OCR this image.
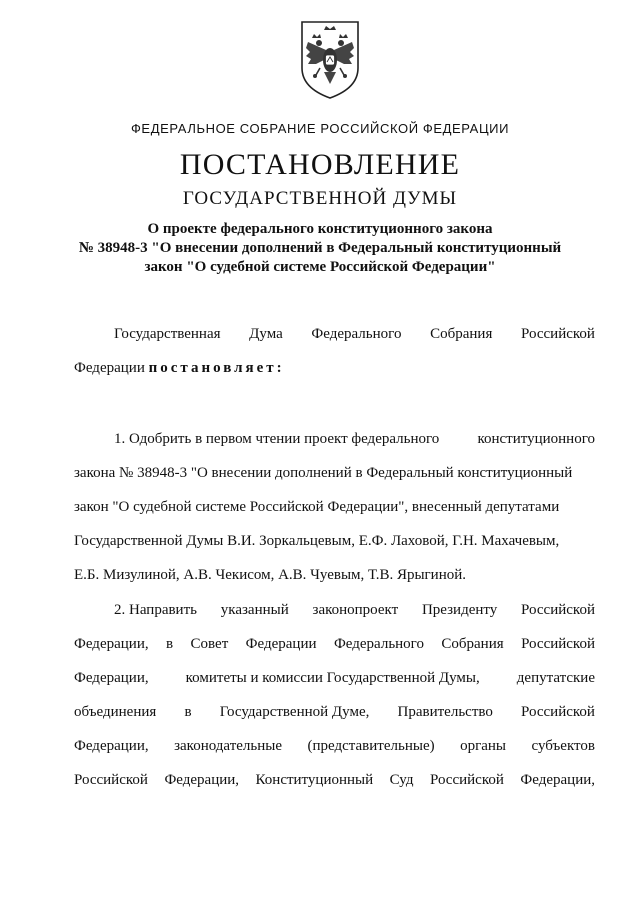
ФЕДЕРАЛЬНОЕ СОБРАНИЕ РОССИЙСКОЙ ФЕДЕРАЦИИ
ПОСТАНОВЛЕНИЕ
ГОСУДАРСТВЕННОЙ ДУМЫ
О проекте федерального конституционного закона
№ 38948-3 "О внесении дополнений в Федеральный конституционный
закон "О судебной системе Российской Федерации"
Государственная Дума Федерального Собрания Российской
Федерации постановляет:
1. Одобрить в первом чтении проект федерального	конституционного
закона № 38948-3 "О внесении дополнений в Федеральный конституционный
закон "О судебной системе Российской Федерации", внесенный депутатами
Государственной Думы В.И. Зоркальцевым, Е.Ф. Лаховой, Г.Н. Махачевым,
Е.Б. Мизулиной, А.В. Чекисом, А.В. Чуевым, Т.В. Ярыгиной.
2. Направить указанный законопроект Президенту Российской
Федерации, в Совет Федерации Федерального Собрания Российской
Федерации, комитеты и комиссии Государственной Думы, депутатские
объединения в Государственной Думе, Правительство Российской
Федерации, законодательные (представительные) органы субъектов
Российской Федерации, Конституционный Суд Российской Федерации,
